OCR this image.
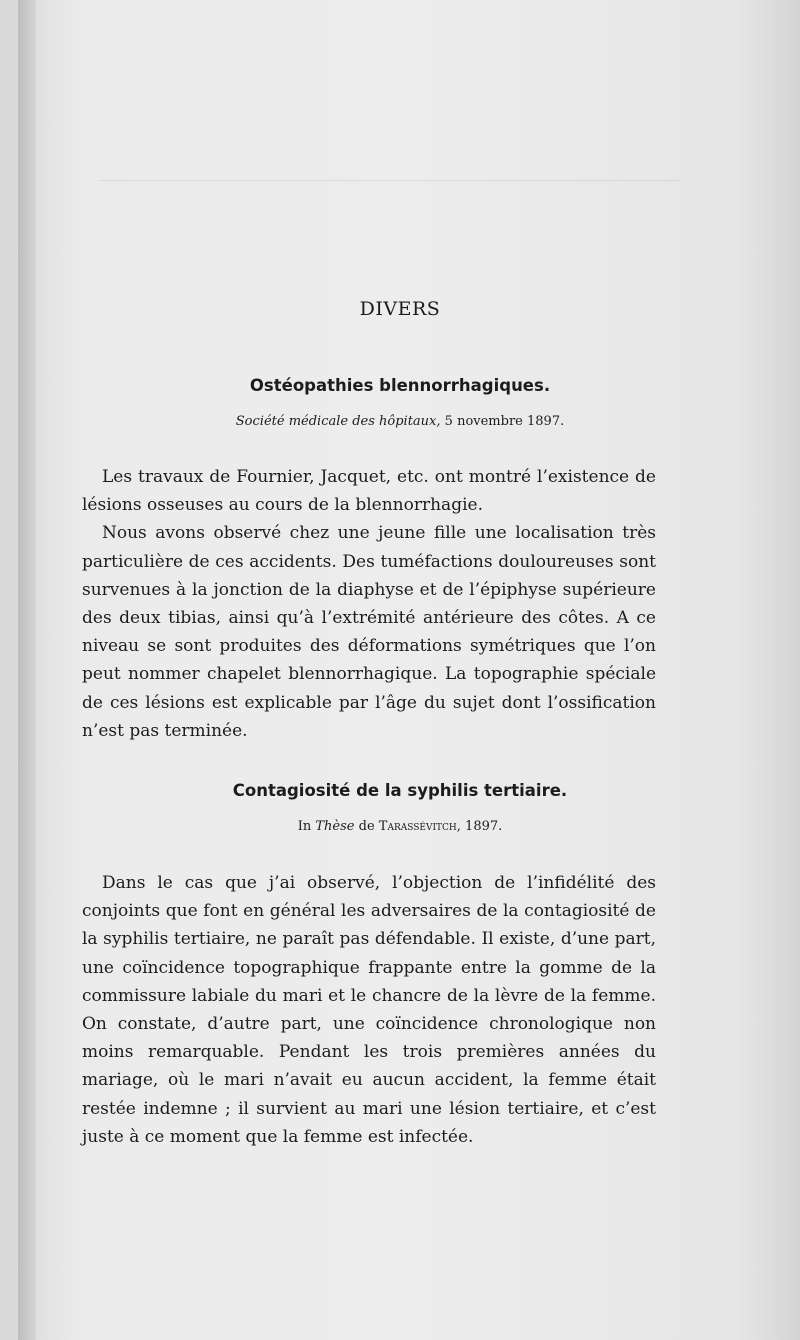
DIVERS
Ostéopathies blennorrhagiques.
Société médicale des hôpitaux, 5 novembre 1897.

Les travaux de Fournier, Jacquet, etc. ont montré l’existence de lésions osseuses au cours de la blennorrhagie.

Nous avons observé chez une jeune fille une localisation très particulière de ces accidents. Des tuméfactions douloureuses sont survenues à la jonction de la diaphyse et de l’épiphyse supérieure des deux tibias, ainsi qu’à l’extrémité antérieure des côtes. A ce niveau se sont produites des déformations symétriques que l’on peut nommer chapelet blennorrhagique. La topographie spéciale de ces lésions est explicable par l’âge du sujet dont l’ossification n’est pas terminée.

Contagiosité de la syphilis tertiaire.
In Thèse de Tarassévitch, 1897.

Dans le cas que j’ai observé, l’objection de l’infidélité des conjoints que font en général les adversaires de la contagiosité de la syphilis tertiaire, ne paraît pas défendable. Il existe, d’une part, une coïncidence topographique frappante entre la gomme de la commissure labiale du mari et le chancre de la lèvre de la femme. On constate, d’autre part, une coïncidence chronologique non moins remarquable. Pendant les trois premières années du mariage, où le mari n’avait eu aucun accident, la femme était restée indemne ; il survient au mari une lésion tertiaire, et c’est juste à ce moment que la femme est infectée.
